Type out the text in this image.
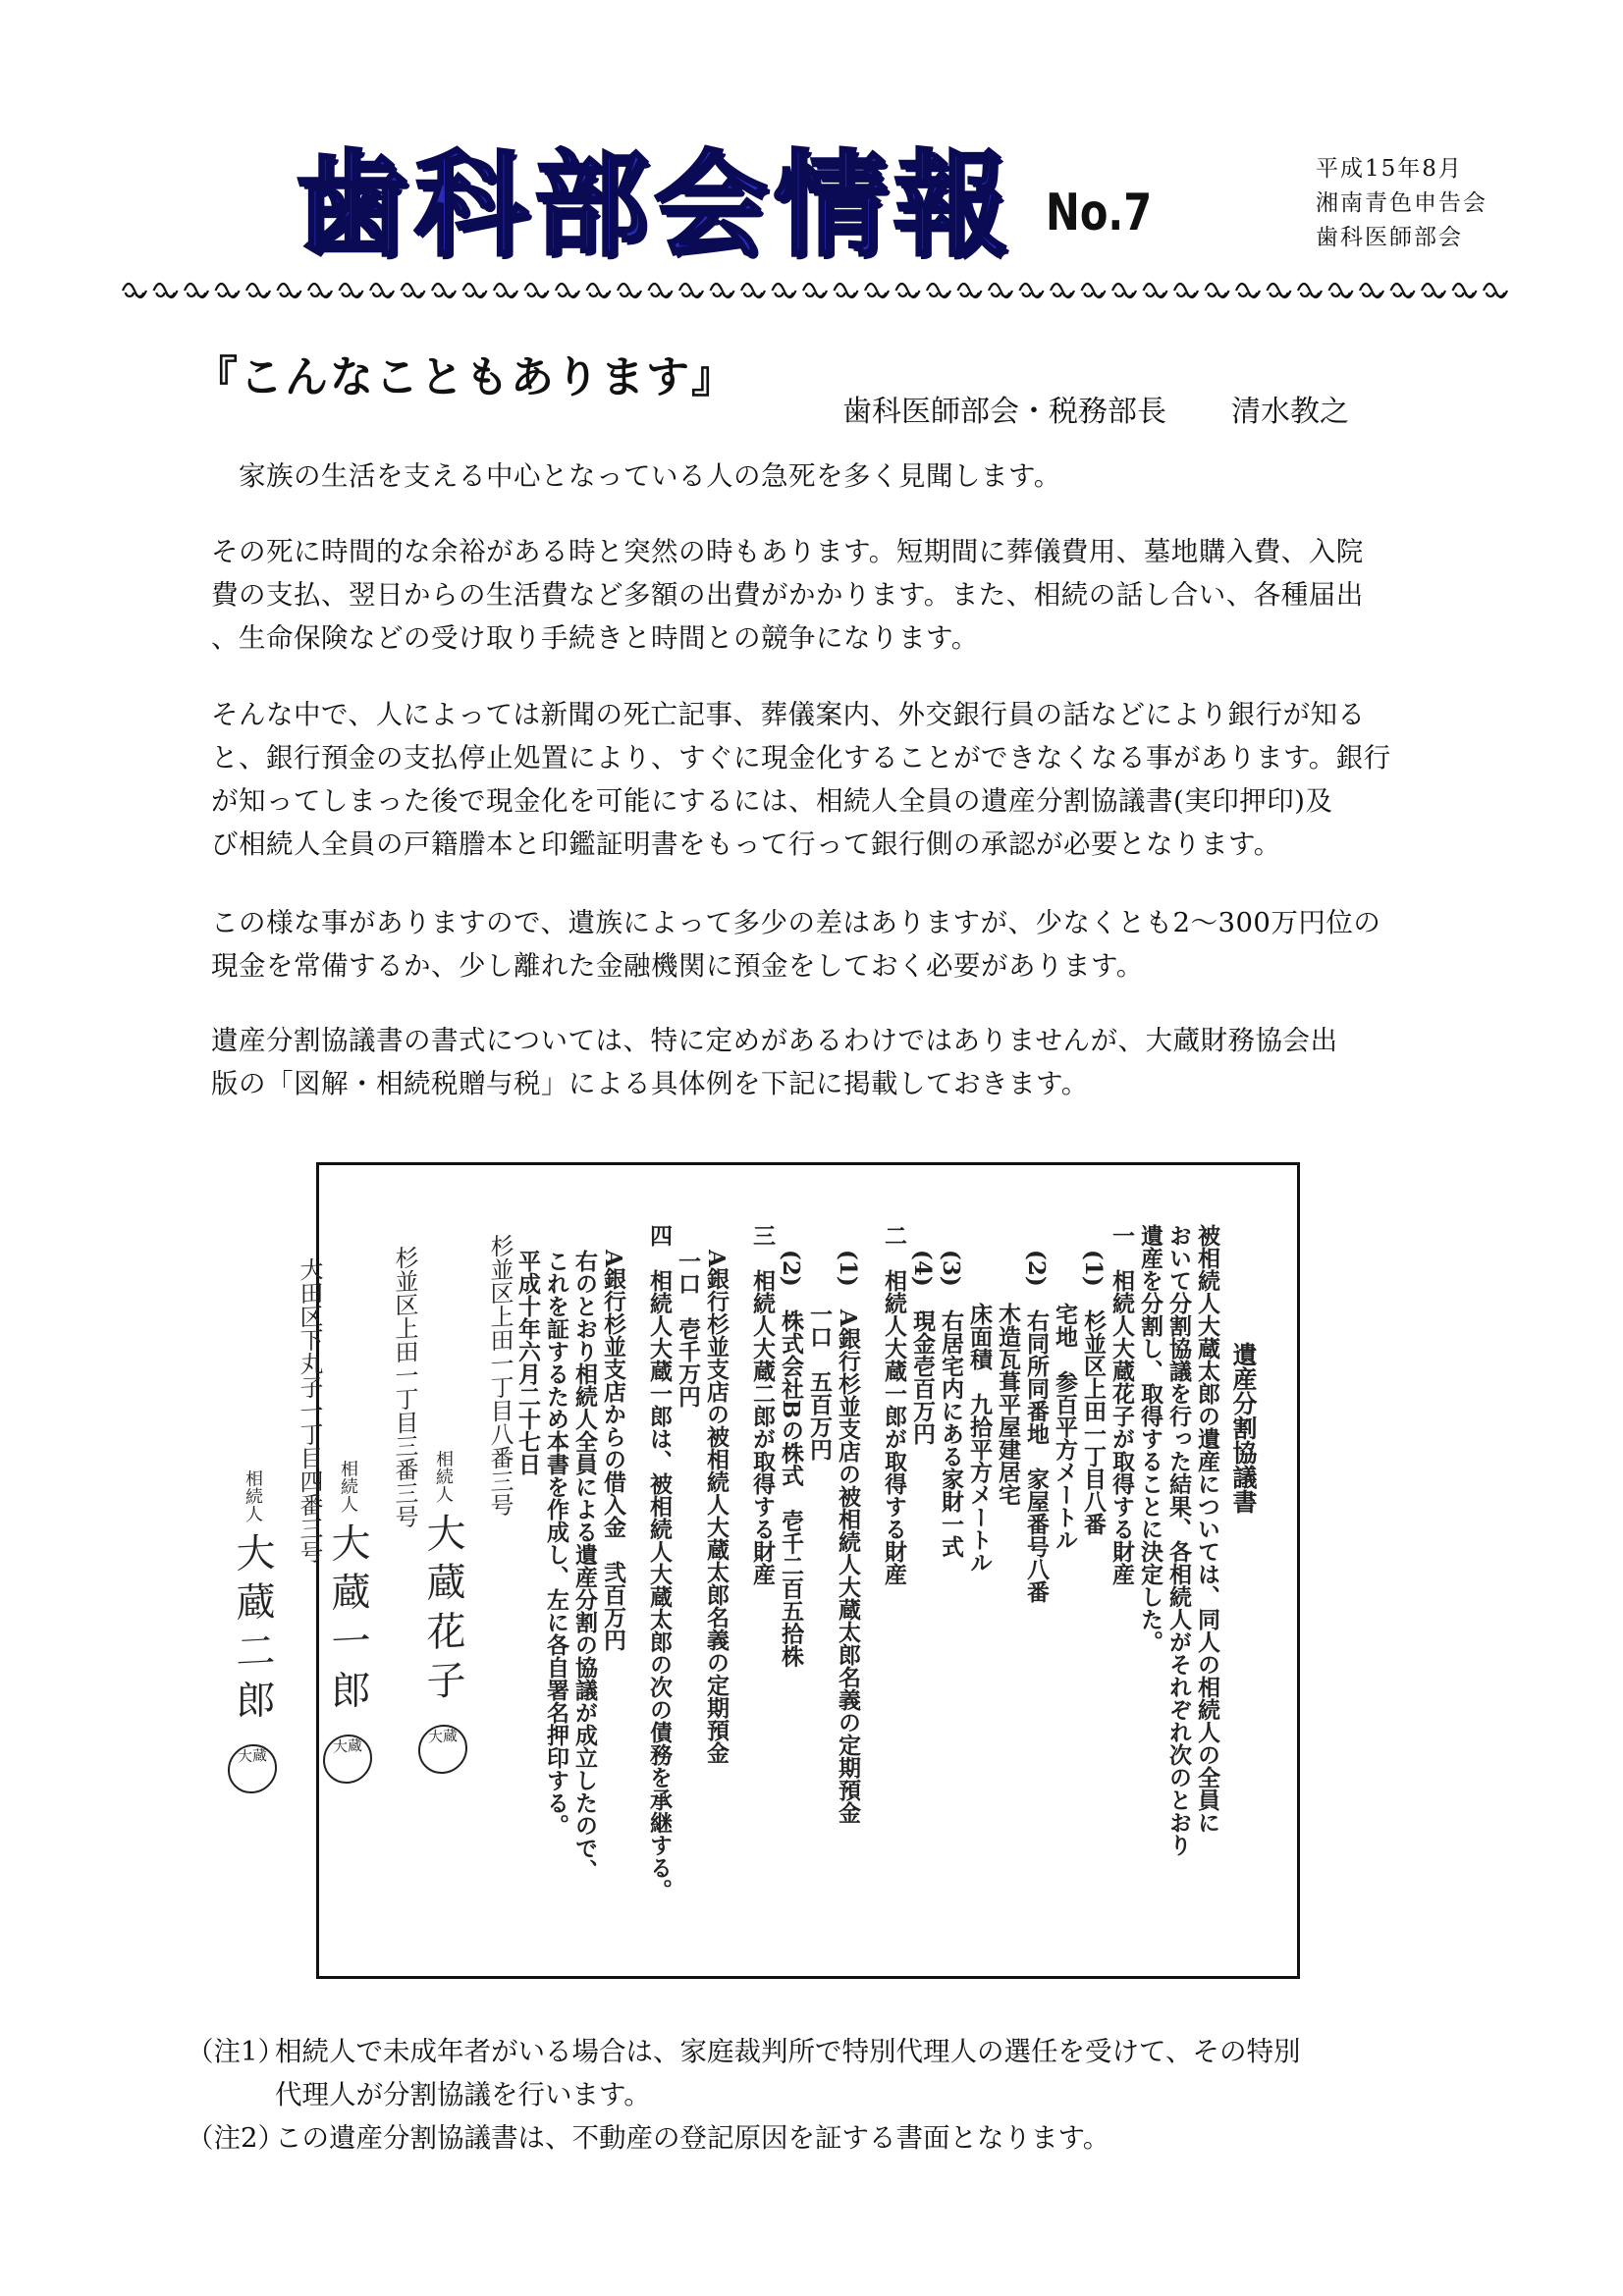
歯科部会情報 No.7
平成15年8月
湘南青色申告会
歯科医師部会
『こんなこともあります』
歯科医師部会・税務部長 清水教之

　家族の生活を支える中心となっている人の急死を多く見聞します。

その死に時間的な余裕がある時と突然の時もあります。短期間に葬儀費用、墓地購入費、入院

費の支払、翌日からの生活費など多額の出費がかかります。また、相続の話し合い、各種届出

、生命保険などの受け取り手続きと時間との競争になります。

そんな中で、人によっては新聞の死亡記事、葬儀案内、外交銀行員の話などにより銀行が知る

と、銀行預金の支払停止処置により、すぐに現金化することができなくなる事があります。銀行

が知ってしまった後で現金化を可能にするには、相続人全員の遺産分割協議書(実印押印)及

び相続人全員の戸籍謄本と印鑑証明書をもって行って銀行側の承認が必要となります。

この様な事がありますので、遺族によって多少の差はありますが、少なくとも2～300万円位の

現金を常備するか、少し離れた金融機関に預金をしておく必要があります。

遺産分割協議書の書式については、特に定めがあるわけではありませんが、大蔵財務協会出

版の「図解・相続税贈与税」による具体例を下記に掲載しておきます。

遺産分割協議書

被相続人大蔵太郎の遺産については、同人の相続人の全員に

おいて分割協議を行った結果、各相続人がそれぞれ次のとおり

遺産を分割し、取得することに決定した。

一　相続人大蔵花子が取得する財産

(1)　杉並区上田一丁目八番

宅地　参百平方メートル

(2)　右同所同番地　家屋番号八番

木造瓦葺平屋建居宅

床面積　九拾平方メートル

(3)　右居宅内にある家財一式

(4)　現金壱百万円

二　相続人大蔵一郎が取得する財産

(1)　A銀行杉並支店の被相続人大蔵太郎名義の定期預金

一口　五百万円

(2)　株式会社Bの株式　壱千二百五拾株

三　相続人大蔵二郎が取得する財産

A銀行杉並支店の被相続人大蔵太郎名義の定期預金

一口　壱千万円

四　相続人大蔵一郎は、被相続人大蔵太郎の次の債務を承継する。

A銀行杉並支店からの借入金　弐百万円

右のとおり相続人全員による遺産分割の協議が成立したので、

これを証するため本書を作成し、左に各自署名押印する。

平成十年六月二十七日

杉並区上田一丁目八番三号

相続人大蔵花子大蔵

杉並区上田一丁目三番三号

相続人大蔵一郎大蔵

大田区下丸子一丁目四番三号

相続人大蔵二郎大蔵

（注1）
相続人で未成年者がいる場合は、家庭裁判所で特別代理人の選任を受けて、その特別
代理人が分割協議を行います。
（注2）
この遺産分割協議書は、不動産の登記原因を証する書面となります。
